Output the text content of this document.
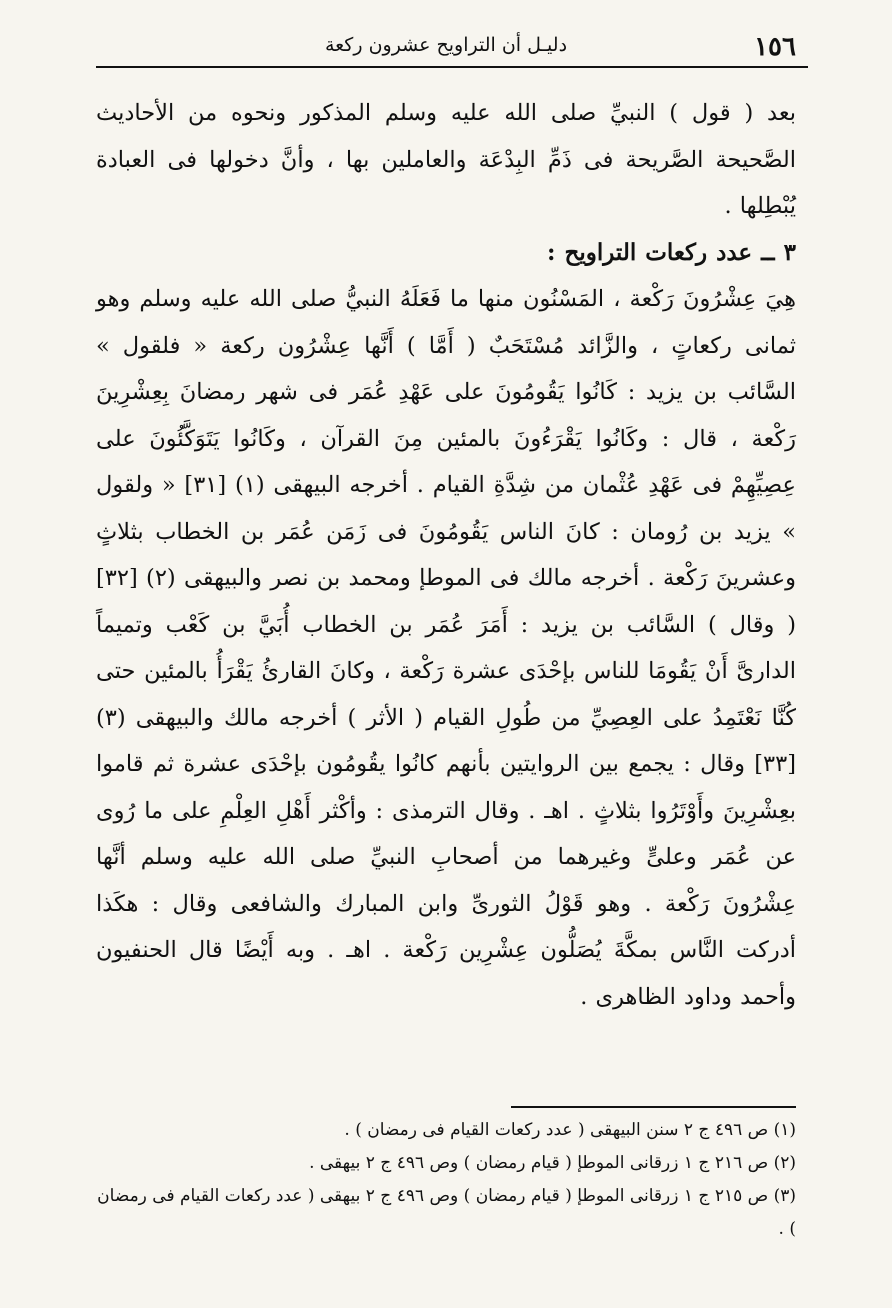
١٥٦
دليـل أن التراويح عشرون ركعة

بعد ( قول ) النبيِّ صلى الله عليه وسلم المذكور ونحوه من الأحاديث الصَّحيحة الصَّريحة فى ذَمِّ البِدْعَة والعاملين بها ، وأنَّ دخولها فى العبادة يُبْطِلها .

٣ ــ عدد ركعات التراويح :

هِيَ عِشْرُونَ رَكْعة ، المَسْنُون منها ما فَعَلَهُ النبيُّ صلى الله عليه وسلم وهو ثمانى ركعاتٍ ، والزَّائد مُسْتَحَبٌ ( أَمَّا ) أَنَّها عِشْرُون ركعة « فلقول » السَّائب بن يزيد : كَانُوا يَقُومُونَ على عَهْدِ عُمَر فى شهر رمضانَ بِعِشْرِينَ رَكْعة ، قال : وكَانُوا يَقْرَءُونَ بالمئين مِنَ القرآن ، وكَانُوا يَتَوَكَّئُونَ على عِصِيِّهِمْ فى عَهْدِ عُثْمان من شِدَّةِ القيام . أخرجه البيهقى (١) [٣١] « ولقول » يزيد بن رُومان : كانَ الناس يَقُومُونَ فى زَمَن عُمَر بن الخطاب بثلاثٍ وعشرينَ رَكْعة . أخرجه مالك فى الموطإ ومحمد بن نصر والبيهقى (٢) [٣٢] ( وقال ) السَّائب بن يزيد : أَمَرَ عُمَر بن الخطاب أُبَيَّ بن كَعْب وتميماً الدارىَّ أَنْ يَقُومَا للناس بإحْدَى عشرة رَكْعة ، وكانَ القارئُ يَقْرَأُ بالمئين حتى كُنَّا نَعْتَمِدُ على العِصِيِّ من طُولِ القيام ( الأثر ) أخرجه مالك والبيهقى (٣) [٣٣] وقال : يجمع بين الروايتين بأنهم كانُوا يقُومُون بإحْدَى عشرة ثم قاموا بعِشْرِينَ وأَوْتَرُوا بثلاثٍ . اهـ . وقال الترمذى : وأكْثر أَهْلِ العِلْمِ على ما رُوى عن عُمَر وعلىٍّ وغيرهما من أصحابِ النبيِّ صلى الله عليه وسلم أنَّها عِشْرُونَ رَكْعة . وهو قَوْلُ الثورىِّ وابن المبارك والشافعى وقال : هكَذا أدركت النَّاس بمكَّةَ يُصَلُّون عِشْرِين رَكْعة . اهـ . وبه أَيْضًا قال الحنفيون وأحمد وداود الظاهرى .

(١) ص ٤٩٦ ج ٢ سنن البيهقى ( عدد ركعات القيام فى رمضان ) .

(٢) ص ٢١٦ ج ١ زرقانى الموطإ ( قيام رمضان ) وص ٤٩٦ ج ٢ بيهقى .

(٣) ص ٢١٥ ج ١ زرقانى الموطإ ( قيام رمضان ) وص ٤٩٦ ج ٢ بيهقى ( عدد ركعات القيام فى رمضان ) .
